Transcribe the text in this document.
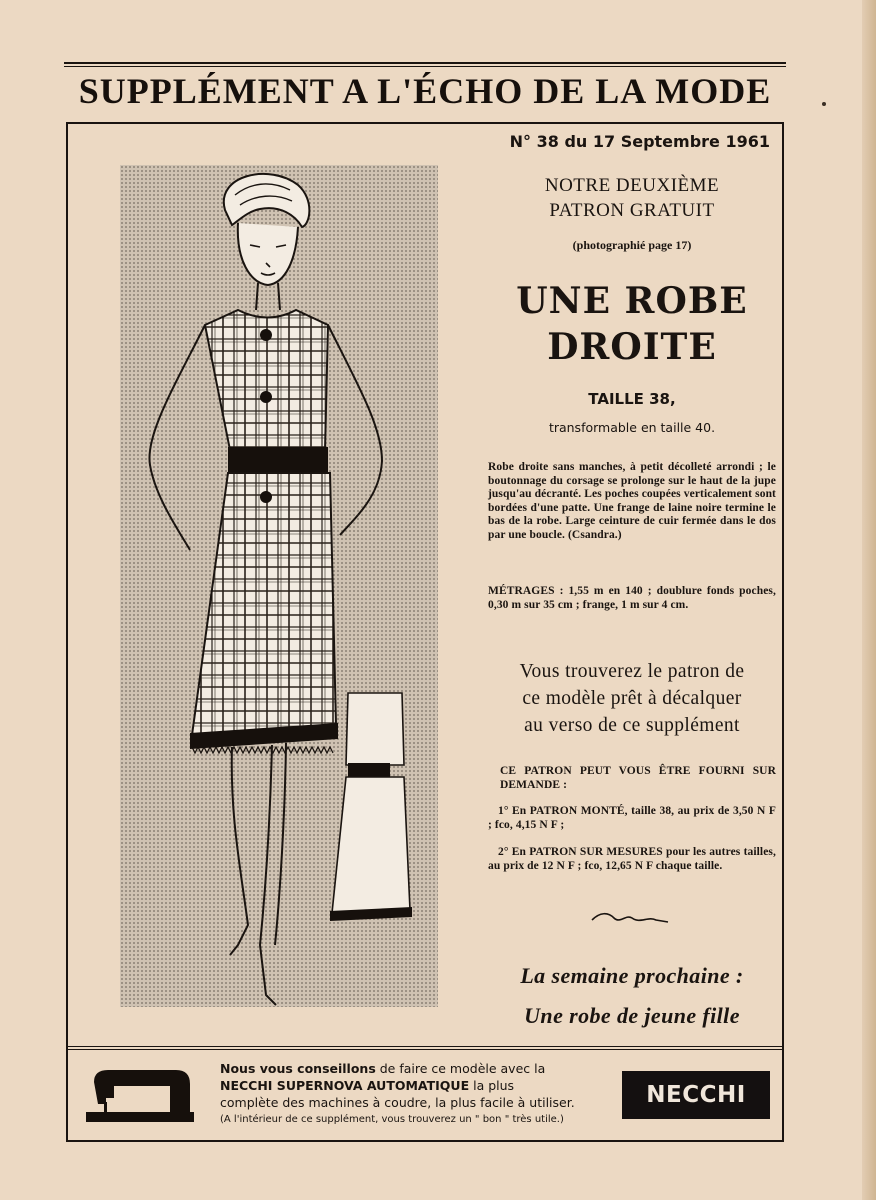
SUPPLÉMENT A L'ÉCHO DE LA MODE
N° 38 du 17 Septembre 1961
NOTRE DEUXIÈME
PATRON GRATUIT
(photographié page 17)
UNE ROBE
DROITE
TAILLE 38,
transformable en taille 40.
Robe droite sans manches, à petit décolleté arrondi ; le boutonnage du corsage se prolonge sur le haut de la jupe jusqu'au décranté. Les poches coupées verticalement sont bordées d'une patte. Une frange de laine noire termine le bas de la robe. Large ceinture de cuir fermée dans le dos par une boucle. (Csandra.)
MÉTRAGES : 1,55 m en 140 ; doublure fonds poches, 0,30 m sur 35 cm ; frange, 1 m sur 4 cm.
Vous trouverez le patron de
ce modèle prêt à décalquer
au verso de ce supplément
CE PATRON PEUT VOUS ÊTRE FOURNI SUR DEMANDE :
1° En PATRON MONTÉ, taille 38, au prix de 3,50 N F ; fco, 4,15 N F ;
2° En PATRON SUR MESURES pour les autres tailles, au prix de 12 N F ; fco, 12,65 N F chaque taille.
La semaine prochaine :
Une robe de jeune fille
Nous vous conseillons de faire ce modèle avec la
NECCHI SUPERNOVA AUTOMATIQUE la plus
complète des machines à coudre, la plus facile à utiliser.
(A l'intérieur de ce supplément, vous trouverez un " bon " très utile.)
NECCHI
